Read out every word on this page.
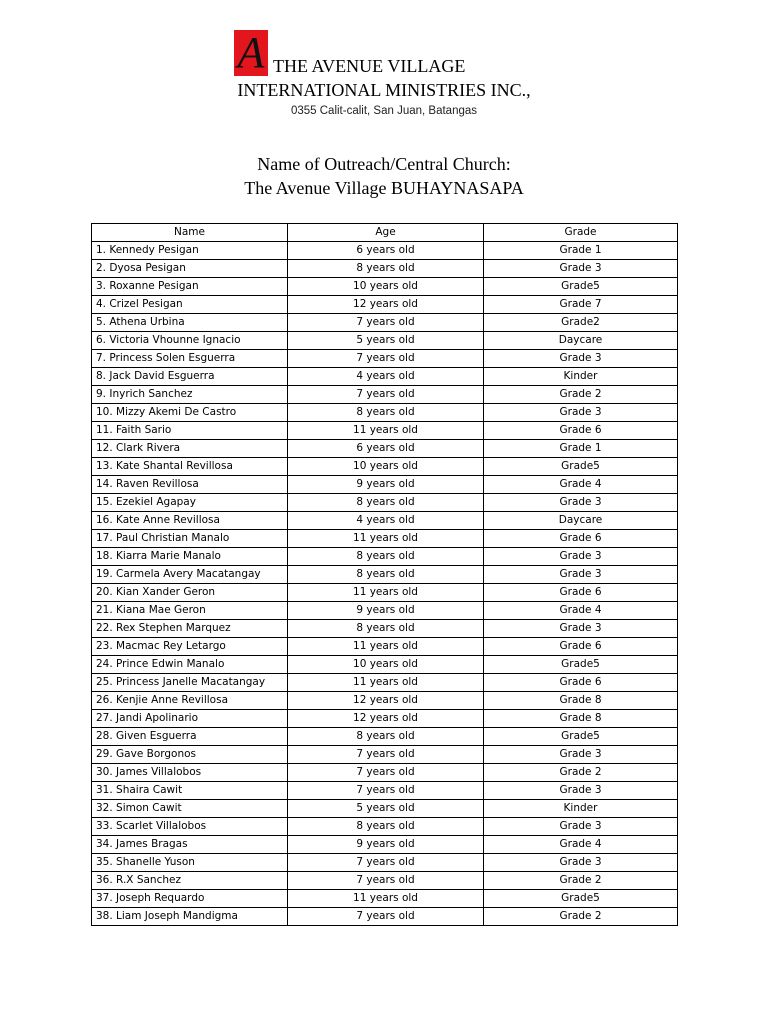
A THE AVENUE VILLAGE
INTERNATIONAL MINISTRIES INC.,
0355 Calit-calit, San Juan, Batangas
Name of Outreach/Central Church:
The Avenue Village BUHAYNASAPA
Name	Age	Grade
1. Kennedy Pesigan	6 years old	Grade 1
2. Dyosa Pesigan	8 years old	Grade 3
3. Roxanne Pesigan	10 years old	Grade5
4. Crizel Pesigan	12 years old	Grade 7
5. Athena Urbina	7 years old	Grade2
6. Victoria Vhounne Ignacio	5 years old	Daycare
7. Princess Solen Esguerra	7 years old	Grade 3
8. Jack David Esguerra	4 years old	Kinder
9. Inyrich Sanchez	7 years old	Grade 2
10. Mizzy Akemi De Castro	8 years old	Grade 3
11. Faith Sario	11 years old	Grade 6
12. Clark Rivera	6 years old	Grade 1
13. Kate Shantal Revillosa	10 years old	Grade5
14. Raven Revillosa	9 years old	Grade 4
15. Ezekiel Agapay	8 years old	Grade 3
16. Kate Anne Revillosa	4 years old	Daycare
17. Paul Christian Manalo	11 years old	Grade 6
18. Kiarra Marie Manalo	8 years old	Grade 3
19. Carmela Avery Macatangay	8 years old	Grade 3
20. Kian Xander Geron	11 years old	Grade 6
21. Kiana Mae Geron	9 years old	Grade 4
22. Rex Stephen Marquez	8 years old	Grade 3
23. Macmac Rey Letargo	11 years old	Grade 6
24. Prince Edwin Manalo	10 years old	Grade5
25. Princess Janelle Macatangay	11 years old	Grade 6
26. Kenjie Anne Revillosa	12 years old	Grade 8
27. Jandi Apolinario	12 years old	Grade 8
28. Given Esguerra	8 years old	Grade5
29. Gave Borgonos	7 years old	Grade 3
30. James Villalobos	7 years old	Grade 2
31. Shaira Cawit	7 years old	Grade 3
32. Simon Cawit	5 years old	Kinder
33. Scarlet Villalobos	8 years old	Grade 3
34. James Bragas	9 years old	Grade 4
35. Shanelle Yuson	7 years old	Grade 3
36. R.X Sanchez	7 years old	Grade 2
37. Joseph Requardo	11 years old	Grade5
38. Liam Joseph Mandigma	7 years old	Grade 2
